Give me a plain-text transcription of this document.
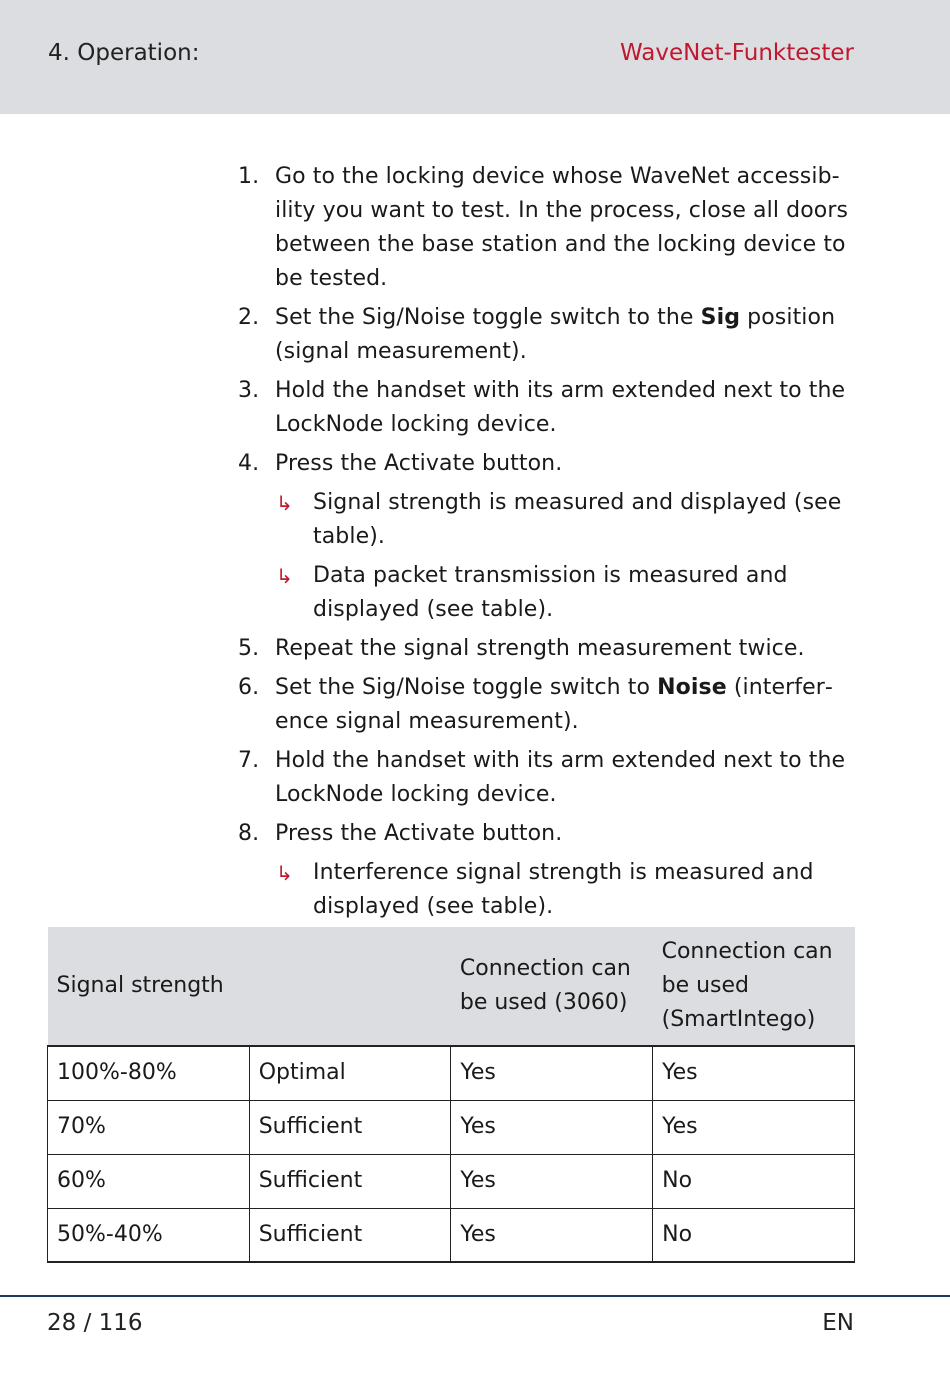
4. Operation:	WaveNet-Funktester
1. Go to the locking device whose WaveNet accessibility you want to test. In the process, close all doors between the base station and the locking device to be tested.
2. Set the Sig/Noise toggle switch to the Sig position (signal measurement).
3. Hold the handset with its arm extended next to the LockNode locking device.
4. Press the Activate button.
↳ Signal strength is measured and displayed (see table).
↳ Data packet transmission is measured and displayed (see table).
5. Repeat the signal strength measurement twice.
6. Set the Sig/Noise toggle switch to Noise (interference signal measurement).
7. Hold the handset with its arm extended next to the LockNode locking device.
8. Press the Activate button.
↳ Interference signal strength is measured and displayed (see table).
Signal strength		Connection can be used (3060)	Connection can be used (SmartIntego)
100%-80%	Optimal	Yes	Yes
70%	Sufficient	Yes	Yes
60%	Sufficient	Yes	No
50%-40%	Sufficient	Yes	No
28 / 116	EN
